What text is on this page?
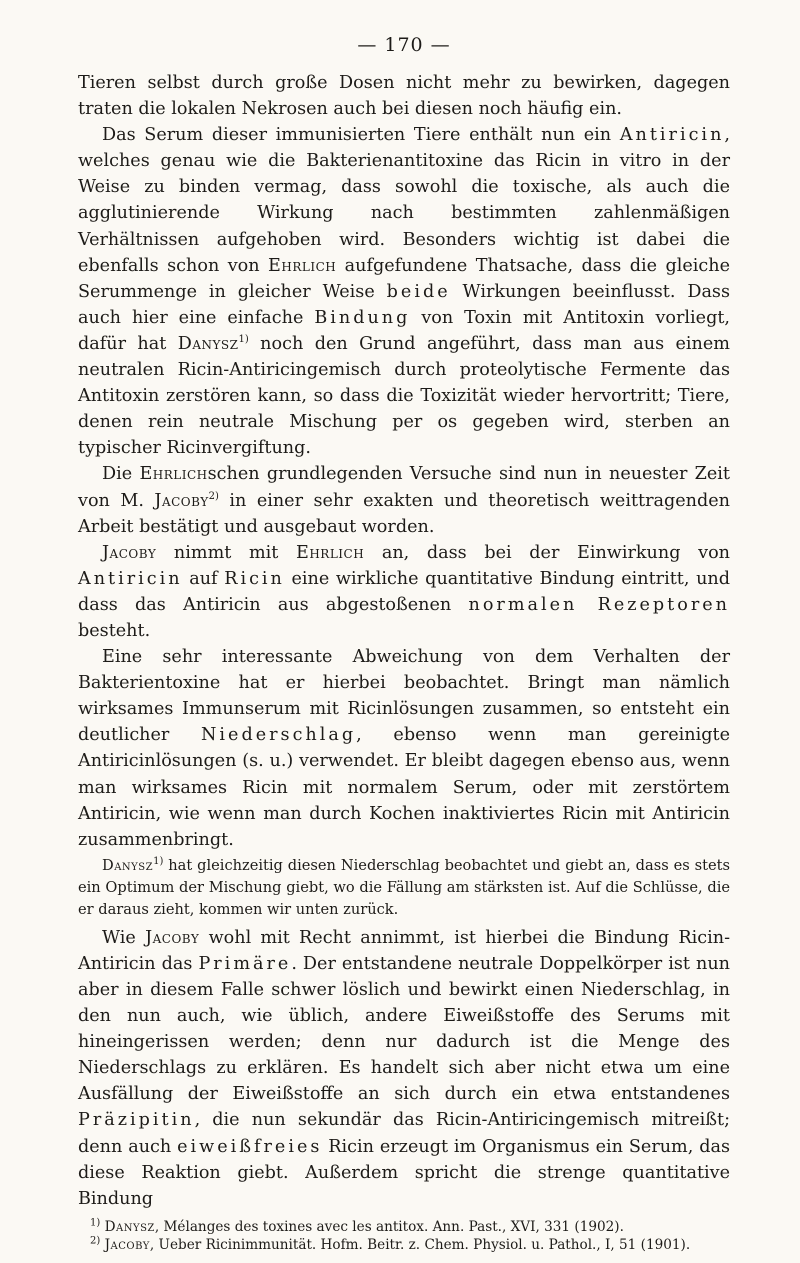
— 170 —

Tieren selbst durch große Dosen nicht mehr zu bewirken, dagegen traten die lokalen Nekrosen auch bei diesen noch häufig ein.

Das Serum dieser immunisierten Tiere enthält nun ein Antiricin, welches genau wie die Bakterienantitoxine das Ricin in vitro in der Weise zu binden vermag, dass sowohl die toxische, als auch die agglutinierende Wirkung nach bestimmten zahlenmäßigen Verhältnissen aufgehoben wird. Besonders wichtig ist dabei die ebenfalls schon von Ehrlich aufgefundene Thatsache, dass die gleiche Serummenge in gleicher Weise beide Wirkungen beeinflusst. Dass auch hier eine einfache Bindung von Toxin mit Antitoxin vorliegt, dafür hat Danysz$^{1)}$ noch den Grund angeführt, dass man aus einem neutralen Ricin-Antiricingemisch durch proteolytische Fermente das Antitoxin zerstören kann, so dass die Toxizität wieder hervortritt; Tiere, denen rein neutrale Mischung per os gegeben wird, sterben an typischer Ricinvergiftung.

Die Ehrlichschen grundlegenden Versuche sind nun in neuester Zeit von M. Jacoby$^{2)}$ in einer sehr exakten und theoretisch weittragenden Arbeit bestätigt und ausgebaut worden.

Jacoby nimmt mit Ehrlich an, dass bei der Einwirkung von Antiricin auf Ricin eine wirkliche quantitative Bindung eintritt, und dass das Antiricin aus abgestoßenen normalen Rezeptoren besteht.

Eine sehr interessante Abweichung von dem Verhalten der Bakterientoxine hat er hierbei beobachtet. Bringt man nämlich wirksames Immunserum mit Ricinlösungen zusammen, so entsteht ein deutlicher Niederschlag, ebenso wenn man gereinigte Antiricinlösungen (s. u.) verwendet. Er bleibt dagegen ebenso aus, wenn man wirksames Ricin mit normalem Serum, oder mit zerstörtem Antiricin, wie wenn man durch Kochen inaktiviertes Ricin mit Antiricin zusammenbringt.

Danysz$^{1)}$ hat gleichzeitig diesen Niederschlag beobachtet und giebt an, dass es stets ein Optimum der Mischung giebt, wo die Fällung am stärksten ist. Auf die Schlüsse, die er daraus zieht, kommen wir unten zurück.

Wie Jacoby wohl mit Recht annimmt, ist hierbei die Bindung Ricin-Antiricin das Primäre. Der entstandene neutrale Doppelkörper ist nun aber in diesem Falle schwer löslich und bewirkt einen Niederschlag, in den nun auch, wie üblich, andere Eiweißstoffe des Serums mit hineingerissen werden; denn nur dadurch ist die Menge des Niederschlags zu erklären. Es handelt sich aber nicht etwa um eine Ausfällung der Eiweißstoffe an sich durch ein etwa entstandenes Präzipitin, die nun sekundär das Ricin-Antiricingemisch mitreißt; denn auch eiweißfreies Ricin erzeugt im Organismus ein Serum, das diese Reaktion giebt. Außerdem spricht die strenge quantitative Bindung

$^{1)}$ Danysz, Mélanges des toxines avec les antitox. Ann. Past., XVI, 331 (1902).

$^{2)}$ Jacoby, Ueber Ricinimmunität. Hofm. Beitr. z. Chem. Physiol. u. Pathol., I, 51 (1901).
